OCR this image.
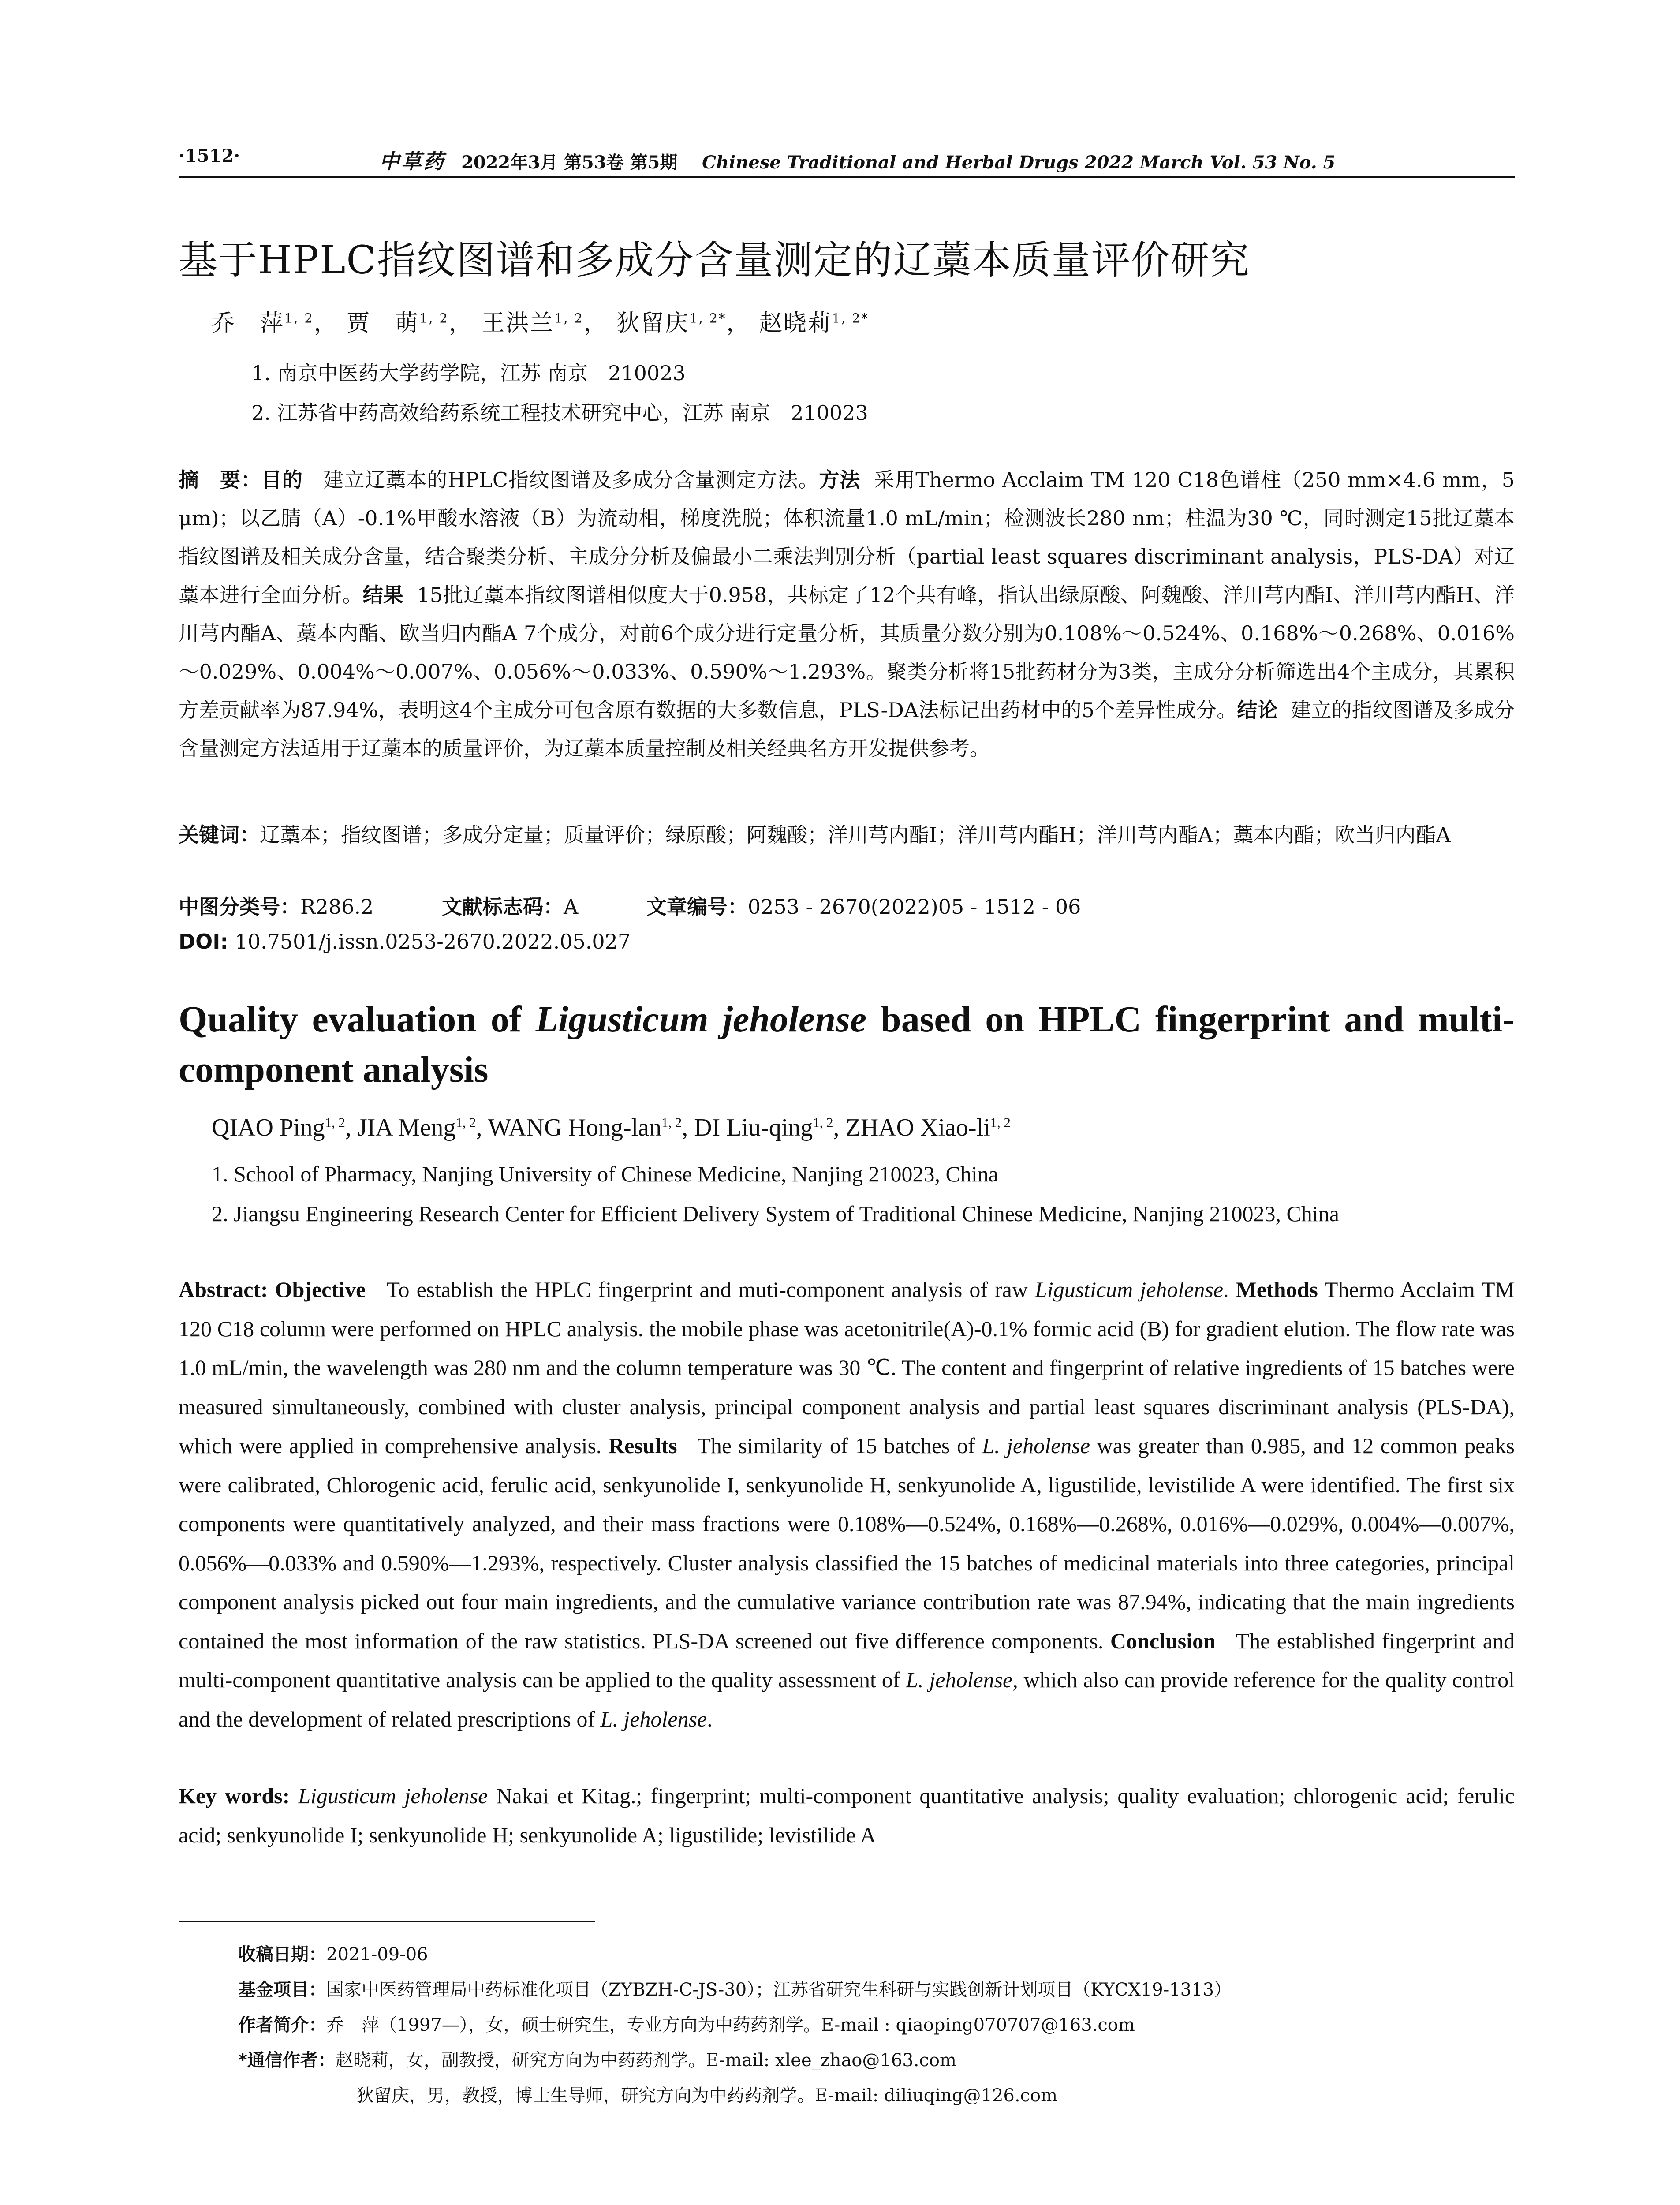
·1512·	中草药 2022年3月 第53卷 第5期 Chinese Traditional and Herbal Drugs 2022 March Vol. 53 No. 5
基于HPLC指纹图谱和多成分含量测定的辽藁本质量评价研究
乔　萍$^{1, 2}$， 贾　萌$^{1, 2}$， 王洪兰$^{1, 2}$， 狄留庆$^{1, 2*}$， 赵晓莉$^{1, 2*}$
1. 南京中医药大学药学院，江苏 南京　210023
2. 江苏省中药高效给药系统工程技术研究中心，江苏 南京　210023
摘　要：目的 建立辽藁本的HPLC指纹图谱及多成分含量测定方法。方法 采用Thermo Acclaim TM 120 C18色谱柱（250 mm×4.6 mm，5 μm)；以乙腈（A）-0.1%甲酸水溶液（B）为流动相，梯度洗脱；体积流量1.0 mL/min；检测波长280 nm；柱温为30 ℃，同时测定15批辽藁本指纹图谱及相关成分含量，结合聚类分析、主成分分析及偏最小二乘法判别分析（partial least squares discriminant analysis，PLS-DA）对辽藁本进行全面分析。结果 15批辽藁本指纹图谱相似度大于0.958，共标定了12个共有峰，指认出绿原酸、阿魏酸、洋川芎内酯I、洋川芎内酯H、洋川芎内酯A、藁本内酯、欧当归内酯A 7个成分，对前6个成分进行定量分析，其质量分数分别为0.108%～0.524%、0.168%～0.268%、0.016%～0.029%、0.004%～0.007%、0.056%～0.033%、0.590%～1.293%。聚类分析将15批药材分为3类，主成分分析筛选出4个主成分，其累积方差贡献率为87.94%，表明这4个主成分可包含原有数据的大多数信息，PLS-DA法标记出药材中的5个差异性成分。结论 建立的指纹图谱及多成分含量测定方法适用于辽藁本的质量评价，为辽藁本质量控制及相关经典名方开发提供参考。
关键词：辽藁本；指纹图谱；多成分定量；质量评价；绿原酸；阿魏酸；洋川芎内酯I；洋川芎内酯H；洋川芎内酯A；藁本内酯；欧当归内酯A
中图分类号：R286.2	文献标志码：A	文章编号：0253 - 2670(2022)05 - 1512 - 06
DOI: 10.7501/j.issn.0253-2670.2022.05.027
Quality evaluation of Ligusticum jeholense based on HPLC fingerprint and multi-component analysis
QIAO Ping$^{1, 2}$, JIA Meng$^{1, 2}$, WANG Hong-lan$^{1, 2}$, DI Liu-qing$^{1, 2}$, ZHAO Xiao-li$^{1, 2}$
1. School of Pharmacy, Nanjing University of Chinese Medicine, Nanjing 210023, China
2. Jiangsu Engineering Research Center for Efficient Delivery System of Traditional Chinese Medicine, Nanjing 210023, China
Abstract: Objective To establish the HPLC fingerprint and muti-component analysis of raw Ligusticum jeholense. Methods Thermo Acclaim TM 120 C18 column were performed on HPLC analysis. the mobile phase was acetonitrile(A)-0.1% formic acid (B) for gradient elution. The flow rate was 1.0 mL/min, the wavelength was 280 nm and the column temperature was 30 ℃. The content and fingerprint of relative ingredients of 15 batches were measured simultaneously, combined with cluster analysis, principal component analysis and partial least squares discriminant analysis (PLS-DA), which were applied in comprehensive analysis. Results The similarity of 15 batches of L. jeholense was greater than 0.985, and 12 common peaks were calibrated, Chlorogenic acid, ferulic acid, senkyunolide I, senkyunolide H, senkyunolide A, ligustilide, levistilide A were identified. The first six components were quantitatively analyzed, and their mass fractions were 0.108%—0.524%, 0.168%—0.268%, 0.016%—0.029%, 0.004%—0.007%, 0.056%—0.033% and 0.590%—1.293%, respectively. Cluster analysis classified the 15 batches of medicinal materials into three categories, principal component analysis picked out four main ingredients, and the cumulative variance contribution rate was 87.94%, indicating that the main ingredients contained the most information of the raw statistics. PLS-DA screened out five difference components. Conclusion The established fingerprint and multi-component quantitative analysis can be applied to the quality assessment of L. jeholense, which also can provide reference for the quality control and the development of related prescriptions of L. jeholense.
Key words: Ligusticum jeholense Nakai et Kitag.; fingerprint; multi-component quantitative analysis; quality evaluation; chlorogenic acid; ferulic acid; senkyunolide I; senkyunolide H; senkyunolide A; ligustilide; levistilide A
收稿日期：2021-09-06
基金项目：国家中医药管理局中药标准化项目（ZYBZH-C-JS-30）；江苏省研究生科研与实践创新计划项目（KYCX19-1313）
作者简介：乔　萍（1997—），女，硕士研究生，专业方向为中药药剂学。E-mail : qiaoping070707@163.com
*通信作者：赵晓莉，女，副教授，研究方向为中药药剂学。E-mail: xlee_zhao@163.com
狄留庆，男，教授，博士生导师，研究方向为中药药剂学。E-mail: diliuqing@126.com
